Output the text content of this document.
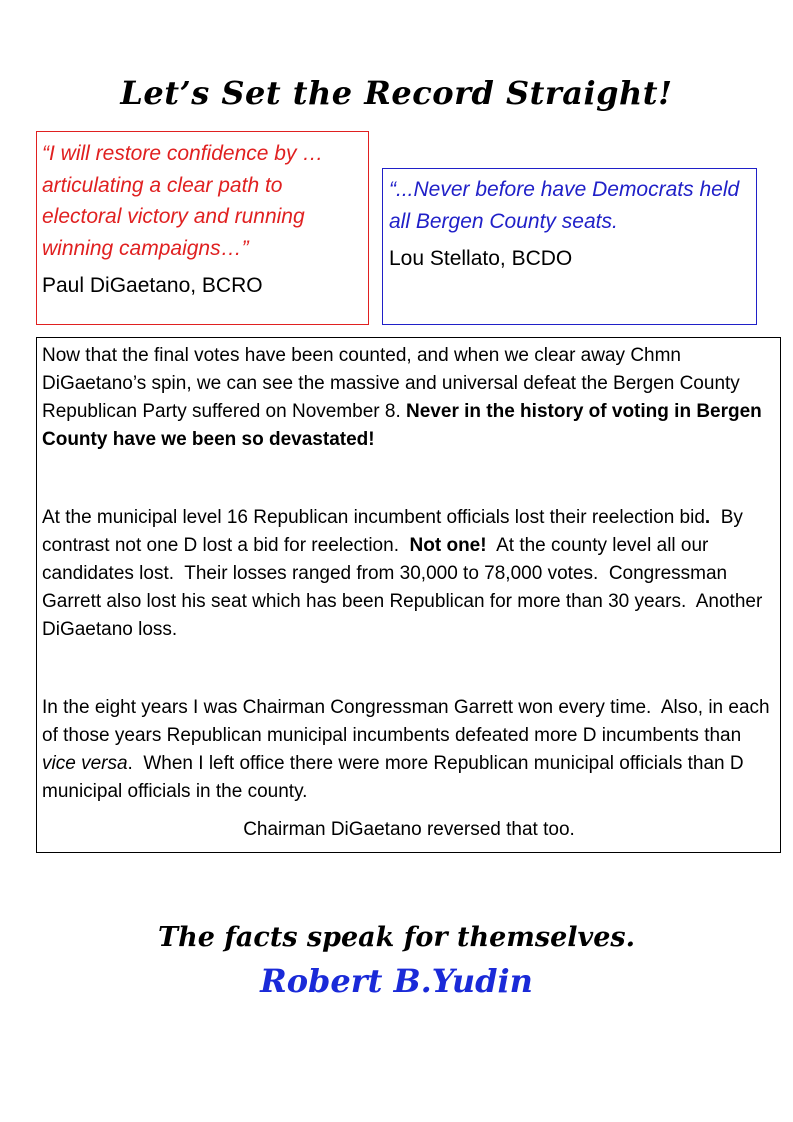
Let’s Set the Record Straight!

“I will restore confidence by … articulating a clear path to electoral victory and running winning campaigns…”

Paul DiGaetano, BCRO

“...Never before have Democrats held all Bergen County seats.

Lou Stellato, BCDO

Now that the final votes have been counted, and when we clear away Chmn DiGaetano’s spin, we can see the massive and universal defeat the Bergen County Republican Party suffered on November 8. Never in the history of voting in Bergen County have we been so devastated!

At the municipal level 16 Republican incumbent officials lost their reelection bid.  By contrast not one D lost a bid for reelection.  Not one!  At the county level all our candidates lost.  Their losses ranged from 30,000 to 78,000 votes.  Congressman Garrett also lost his seat which has been Republican for more than 30 years.  Another DiGaetano loss.

In the eight years I was Chairman Congressman Garrett won every time.  Also, in each of those years Republican municipal incumbents defeated more D incumbents than vice versa.  When I left office there were more Republican municipal officials than D municipal officials in the county.

Chairman DiGaetano reversed that too.

The facts speak for themselves.
Robert B.Yudin
